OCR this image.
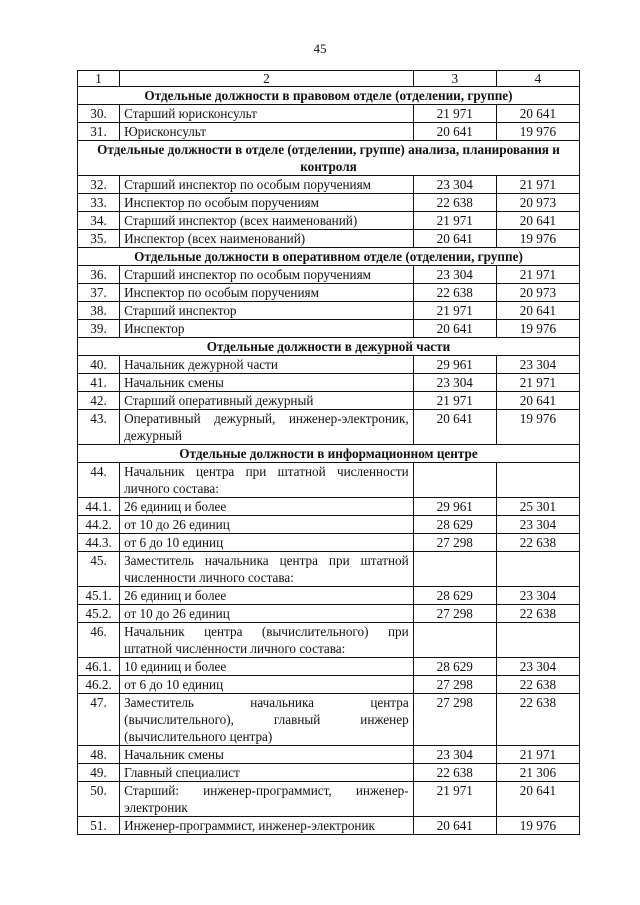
45
1	2	3	4
Отдельные должности в правовом отделе (отделении, группе)			
30.	Старший юрисконсульт	21 971	20 641
31.	Юрисконсульт	20 641	19 976
Отдельные должности в отделе (отделении, группе) анализа, планирования и контроля			
32.	Старший инспектор по особым поручениям	23 304	21 971
33.	Инспектор по особым поручениям	22 638	20 973
34.	Старший инспектор (всех наименований)	21 971	20 641
35.	Инспектор (всех наименований)	20 641	19 976
Отдельные должности в оперативном отделе (отделении, группе)			
36.	Старший инспектор по особым поручениям	23 304	21 971
37.	Инспектор по особым поручениям	22 638	20 973
38.	Старший инспектор	21 971	20 641
39.	Инспектор	20 641	19 976
Отдельные должности в дежурной части			
40.	Начальник дежурной части	29 961	23 304
41.	Начальник смены	23 304	21 971
42.	Старший оперативный дежурный	21 971	20 641
43.	Оперативный дежурный, инженер-электроник, дежурный	20 641	19 976
Отдельные должности в информационном центре			
44.	Начальник центра при штатной численности личного состава:		
44.1.	26 единиц и более	29 961	25 301
44.2.	от 10 до 26 единиц	28 629	23 304
44.3.	от 6 до 10 единиц	27 298	22 638
45.	Заместитель начальника центра при штатной численности личного состава:		
45.1.	26 единиц и более	28 629	23 304
45.2.	от 10 до 26 единиц	27 298	22 638
46.	Начальник центра (вычислительного) при штатной численности личного состава:		
46.1.	10 единиц и более	28 629	23 304
46.2.	от 6 до 10 единиц	27 298	22 638
47.	Заместитель начальника центра (вычислительного), главный инженер (вычислительного центра)	27 298	22 638
48.	Начальник смены	23 304	21 971
49.	Главный специалист	22 638	21 306
50.	Старший: инженер-программист, инженер-электроник	21 971	20 641
51.	Инженер-программист, инженер-электроник	20 641	19 976
